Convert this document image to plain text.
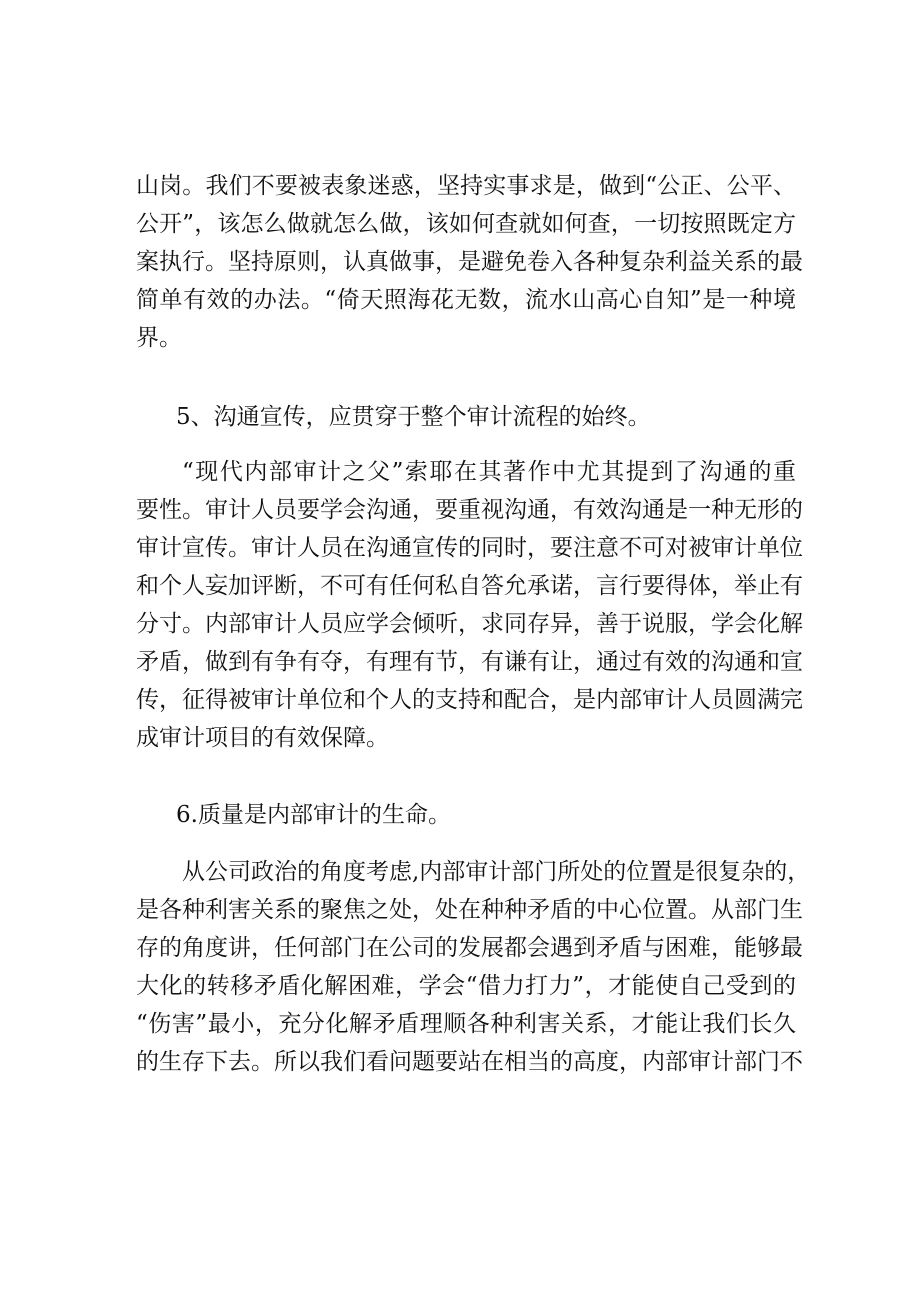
山岗。我们不要被表象迷惑，坚持实事求是，做到“公正、公平、
公开”，该怎么做就怎么做，该如何查就如何查，一切按照既定方
案执行。坚持原则，认真做事，是避免卷入各种复杂利益关系的最
简单有效的办法。“倚天照海花无数，流水山高心自知”是一种境
界。
5、沟通宣传，应贯穿于整个审计流程的始终。
“现代内部审计之父”索耶在其著作中尤其提到了沟通的重
要性。审计人员要学会沟通，要重视沟通，有效沟通是一种无形的
审计宣传。审计人员在沟通宣传的同时，要注意不可对被审计单位
和个人妄加评断，不可有任何私自答允承诺，言行要得体，举止有
分寸。内部审计人员应学会倾听，求同存异，善于说服，学会化解
矛盾，做到有争有夺，有理有节，有谦有让，通过有效的沟通和宣
传，征得被审计单位和个人的支持和配合，是内部审计人员圆满完
成审计项目的有效保障。
6.质量是内部审计的生命。
从公司政治的角度考虑,内部审计部门所处的位置是很复杂的，
是各种利害关系的聚焦之处，处在种种矛盾的中心位置。从部门生
存的角度讲，任何部门在公司的发展都会遇到矛盾与困难，能够最
大化的转移矛盾化解困难，学会“借力打力”，才能使自己受到的
“伤害”最小，充分化解矛盾理顺各种利害关系，才能让我们长久
的生存下去。所以我们看问题要站在相当的高度，内部审计部门不
